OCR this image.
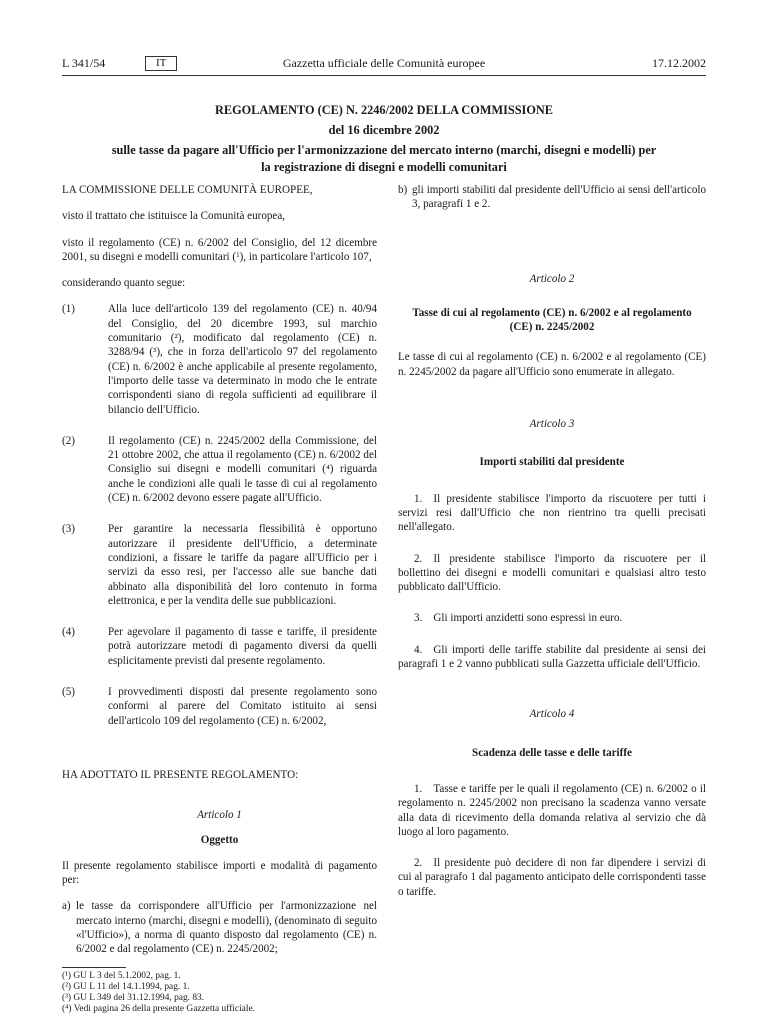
L 341/54	IT	Gazzetta ufficiale delle Comunità europee	17.12.2002
REGOLAMENTO (CE) N. 2246/2002 DELLA COMMISSIONE
del 16 dicembre 2002
sulle tasse da pagare all'Ufficio per l'armonizzazione del mercato interno (marchi, disegni e modelli) per la registrazione di disegni e modelli comunitari

LA COMMISSIONE DELLE COMUNITÀ EUROPEE,

visto il trattato che istituisce la Comunità europea,

visto il regolamento (CE) n. 6/2002 del Consiglio, del 12 dicembre 2001, su disegni e modelli comunitari ($^1$), in particolare l'articolo 107,

considerando quanto segue:

(1)	Alla luce dell'articolo 139 del regolamento (CE) n. 40/94 del Consiglio, del 20 dicembre 1993, sul marchio comunitario (²), modificato dal regolamento (CE) n. 3288/94 (³), che in forza dell'articolo 97 del regolamento (CE) n. 6/2002 è anche applicabile al presente regolamento, l'importo delle tasse va determinato in modo che le entrate corrispondenti siano di regola sufficienti ad equilibrare il bilancio dell'Ufficio.
(2)	Il regolamento (CE) n. 2245/2002 della Commissione, del 21 ottobre 2002, che attua il regolamento (CE) n. 6/2002 del Consiglio sui disegni e modelli comunitari (⁴) riguarda anche le condizioni alle quali le tasse di cui al regolamento (CE) n. 6/2002 devono essere pagate all'Ufficio.
(3)	Per garantire la necessaria flessibilità è opportuno autorizzare il presidente dell'Ufficio, a determinate condizioni, a fissare le tariffe da pagare all'Ufficio per i servizi da esso resi, per l'accesso alle sue banche dati abbinato alla disponibilità del loro contenuto in forma elettronica, e per la vendita delle sue pubblicazioni.
(4)	Per agevolare il pagamento di tasse e tariffe, il presidente potrà autorizzare metodi di pagamento diversi da quelli esplicitamente previsti dal presente regolamento.
(5)	I provvedimenti disposti dal presente regolamento sono conformi al parere del Comitato istituito ai sensi dell'articolo 109 del regolamento (CE) n. 6/2002,

HA ADOTTATO IL PRESENTE REGOLAMENTO:

Articolo 1

Oggetto

Il presente regolamento stabilisce importi e modalità di pagamento per:

a) le tasse da corrispondere all'Ufficio per l'armonizzazione nel mercato interno (marchi, disegni e modelli), (denominato di seguito «l'Ufficio»), a norma di quanto disposto dal regolamento (CE) n. 6/2002 e dal regolamento (CE) n. 2245/2002;
(¹) GU L 3 del 5.1.2002, pag. 1.
(²) GU L 11 del 14.1.1994, pag. 1.
(³) GU L 349 del 31.12.1994, pag. 83.
(⁴) Vedi pagina 26 della presente Gazzetta ufficiale.
b) gli importi stabiliti dal presidente dell'Ufficio ai sensi dell'articolo 3, paragrafi 1 e 2.

Articolo 2

Tasse di cui al regolamento (CE) n. 6/2002 e al regolamento (CE) n. 2245/2002

Le tasse di cui al regolamento (CE) n. 6/2002 e al regolamento (CE) n. 2245/2002 da pagare all'Ufficio sono enumerate in allegato.

Articolo 3

Importi stabiliti dal presidente

1. Il presidente stabilisce l'importo da riscuotere per tutti i servizi resi dall'Ufficio che non rientrino tra quelli precisati nell'allegato.

2. Il presidente stabilisce l'importo da riscuotere per il bollettino dei disegni e modelli comunitari e qualsiasi altro testo pubblicato dall'Ufficio.

3. Gli importi anzidetti sono espressi in euro.

4. Gli importi delle tariffe stabilite dal presidente ai sensi dei paragrafi 1 e 2 vanno pubblicati sulla Gazzetta ufficiale dell'Ufficio.

Articolo 4

Scadenza delle tasse e delle tariffe

1. Tasse e tariffe per le quali il regolamento (CE) n. 6/2002 o il regolamento n. 2245/2002 non precisano la scadenza vanno versate alla data di ricevimento della domanda relativa al servizio che dà luogo al loro pagamento.

2. Il presidente può decidere di non far dipendere i servizi di cui al paragrafo 1 dal pagamento anticipato delle corrispondenti tasse o tariffe.
